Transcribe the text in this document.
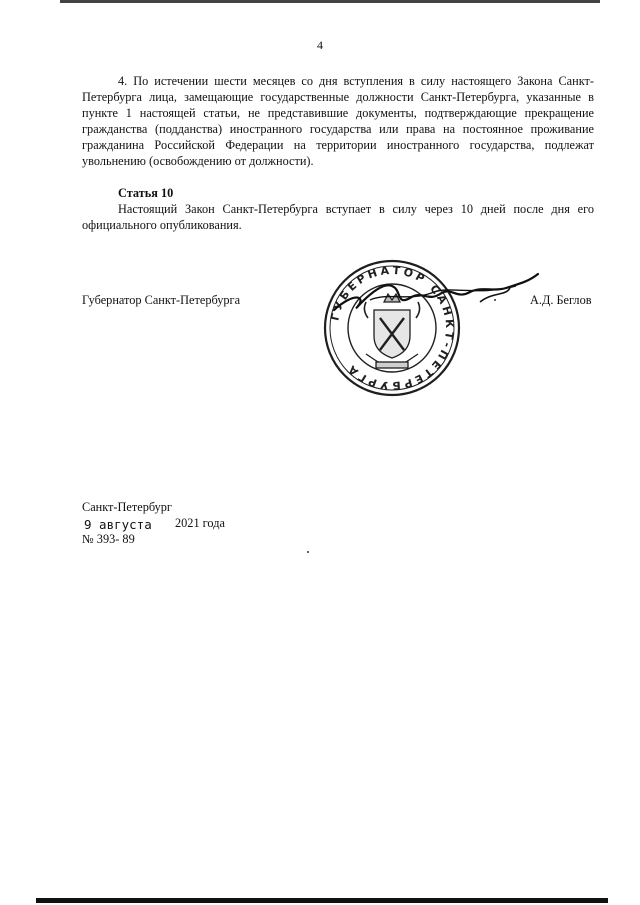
4
4. По истечении шести месяцев со дня вступления в силу настоящего Закона Санкт-Петербурга лица, замещающие государственные должности Санкт-Петербурга, указанные в пункте 1 настоящей статьи, не представившие документы, подтверждающие прекращение гражданства (подданства) иностранного государства или права на постоянное проживание гражданина Российской Федерации на территории иностранного государства, подлежат увольнению (освобождению от должности).
Статья 10
Настоящий Закон Санкт-Петербурга вступает в силу через 10 дней после дня его официального опубликования.
Губернатор Санкт-Петербурга
ГУБЕРНАТОР САНКТ-ПЕТЕРБУРГА
А.Д. Беглов
Санкт-Петербург
9 августа 2021 года
№ 393- 89
